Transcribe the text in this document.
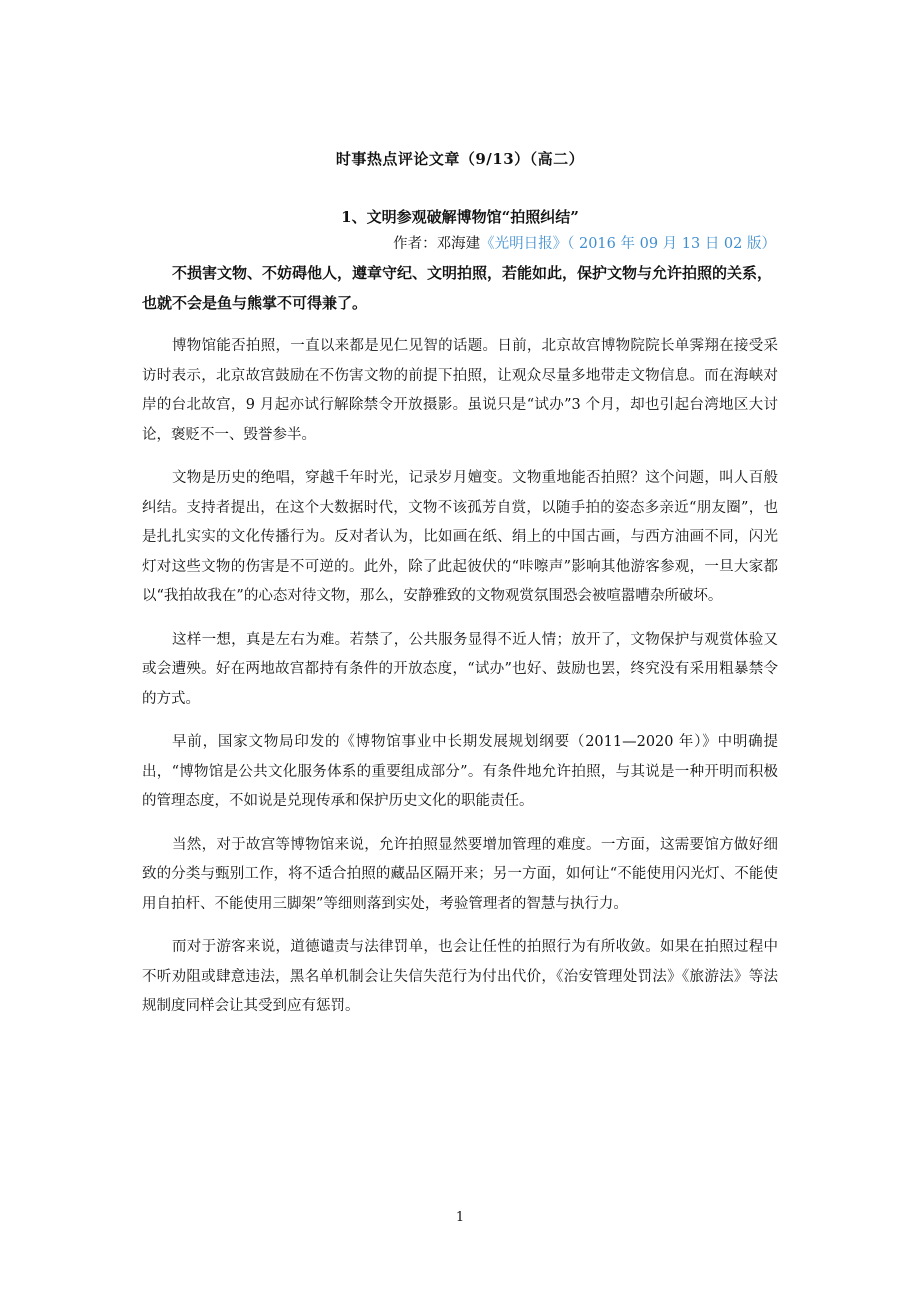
时事热点评论文章（9/13）（高二）
1、文明参观破解博物馆“拍照纠结”
作者：邓海建《光明日报》（ 2016 年 09 月 13 日 02 版）

不损害文物、不妨碍他人，遵章守纪、文明拍照，若能如此，保护文物与允许拍照的关系，也就不会是鱼与熊掌不可得兼了。

博物馆能否拍照，一直以来都是见仁见智的话题。日前，北京故宫博物院院长单霁翔在接受采访时表示，北京故宫鼓励在不伤害文物的前提下拍照，让观众尽量多地带走文物信息。而在海峡对岸的台北故宫，9 月起亦试行解除禁令开放摄影。虽说只是“试办”3 个月，却也引起台湾地区大讨论，褒贬不一、毁誉参半。

文物是历史的绝唱，穿越千年时光，记录岁月嬗变。文物重地能否拍照？这个问题，叫人百般纠结。支持者提出，在这个大数据时代，文物不该孤芳自赏，以随手拍的姿态多亲近“朋友圈”，也是扎扎实实的文化传播行为。反对者认为，比如画在纸、绢上的中国古画，与西方油画不同，闪光灯对这些文物的伤害是不可逆的。此外，除了此起彼伏的“咔嚓声”影响其他游客参观，一旦大家都以“我拍故我在”的心态对待文物，那么，安静雅致的文物观赏氛围恐会被喧嚣嘈杂所破坏。

这样一想，真是左右为难。若禁了，公共服务显得不近人情；放开了，文物保护与观赏体验又或会遭殃。好在两地故宫都持有条件的开放态度，“试办”也好、鼓励也罢，终究没有采用粗暴禁令的方式。

早前，国家文物局印发的《博物馆事业中长期发展规划纲要（2011—2020 年）》中明确提出，“博物馆是公共文化服务体系的重要组成部分”。有条件地允许拍照，与其说是一种开明而积极的管理态度，不如说是兑现传承和保护历史文化的职能责任。

当然，对于故宫等博物馆来说，允许拍照显然要增加管理的难度。一方面，这需要馆方做好细致的分类与甄别工作，将不适合拍照的藏品区隔开来；另一方面，如何让“不能使用闪光灯、不能使用自拍杆、不能使用三脚架”等细则落到实处，考验管理者的智慧与执行力。

而对于游客来说，道德谴责与法律罚单，也会让任性的拍照行为有所收敛。如果在拍照过程中不听劝阻或肆意违法，黑名单机制会让失信失范行为付出代价，《治安管理处罚法》《旅游法》等法规制度同样会让其受到应有惩罚。

1
